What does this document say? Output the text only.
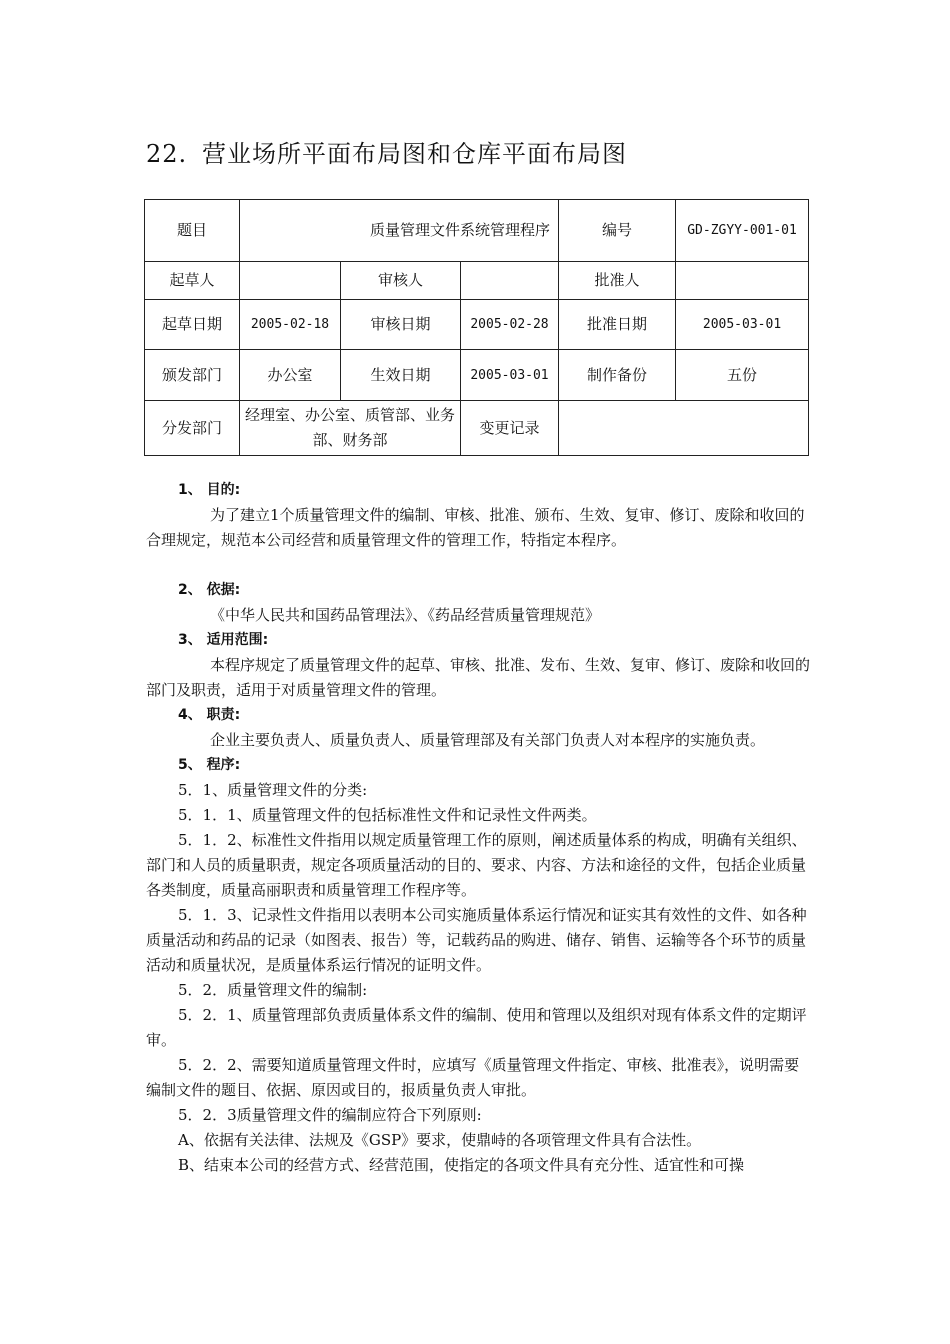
22. 营业场所平面布局图和仓库平面布局图
题目	质量管理文件系统管理程序			编号	GD-ZGYY-001-01
起草人		审核人		批准人	
起草日期	2005-02-18	审核日期	2005-02-28	批准日期	2005-03-01
颁发部门	办公室	生效日期	2005-03-01	制作备份	五份
分发部门	经理室、办公室、质管部、业务部、财务部		变更记录		

1、 目的:

为了建立1个质量管理文件的编制、审核、批准、颁布、生效、复审、修订、废除和收回的合理规定，规范本公司经营和质量管理文件的管理工作，特指定本程序。

2、 依据:

《中华人民共和国药品管理法》、《药品经营质量管理规范》

3、 适用范围:

本程序规定了质量管理文件的起草、审核、批准、发布、生效、复审、修订、废除和收回的部门及职责，适用于对质量管理文件的管理。

4、 职责:

企业主要负责人、质量负责人、质量管理部及有关部门负责人对本程序的实施负责。

5、 程序:

5．1、质量管理文件的分类:

5．1．1、质量管理文件的包括标准性文件和记录性文件两类。

5．1．2、标准性文件指用以规定质量管理工作的原则，阐述质量体系的构成，明确有关组织、部门和人员的质量职责，规定各项质量活动的目的、要求、内容、方法和途径的文件，包括企业质量各类制度，质量高丽职责和质量管理工作程序等。

5．1．3、记录性文件指用以表明本公司实施质量体系运行情况和证实其有效性的文件、如各种质量活动和药品的记录（如图表、报告）等，记载药品的购进、储存、销售、运输等各个环节的质量活动和质量状况，是质量体系运行情况的证明文件。

5．2．质量管理文件的编制:

5．2．1、质量管理部负责质量体系文件的编制、使用和管理以及组织对现有体系文件的定期评审。

5．2．2、需要知道质量管理文件时，应填写《质量管理文件指定、审核、批准表》，说明需要编制文件的题目、依据、原因或目的，报质量负责人审批。

5．2．3质量管理文件的编制应符合下列原则:

A、依据有关法律、法规及《GSP》要求，使鼎峙的各项管理文件具有合法性。

B、结束本公司的经营方式、经营范围，使指定的各项文件具有充分性、适宜性和可操
